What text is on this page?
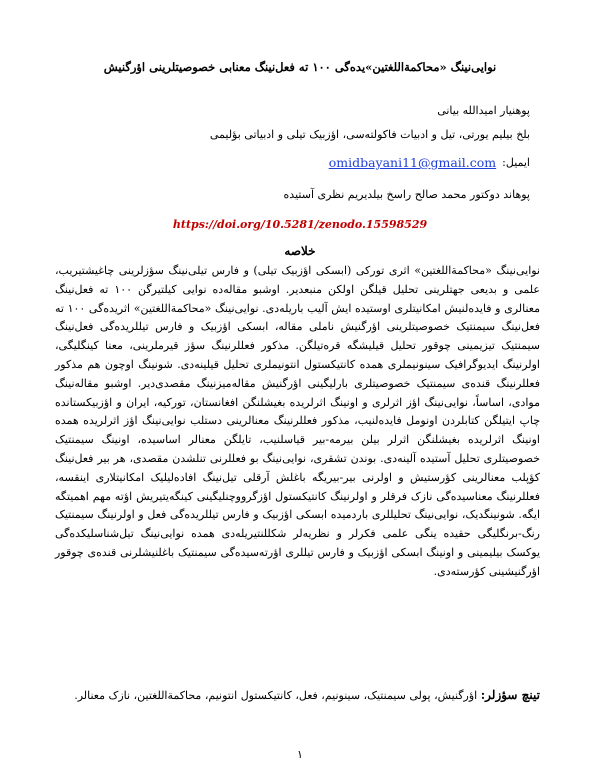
نوایی‌نینگ «محاکمةاللغتین»یده‌گی ۱۰۰ ته فعل‌نینگ معنابی خصوصیتلرینی اؤرگنیش
پوهنیار امیدالله بیانی
بلخ بیلیم یورتی، تیل و ادبیات فاکولته‌سی، اؤزبیک تیلی و ادبیاتی بؤلیمی
ایمیل:
omidbayani11@gmail.com
پوهاند دوکتور محمد صالح راسخ بیلدیریم نظری آستیده
https://doi.org/10.5281/zenodo.15598529
خلاصه

نوایی‌نینگ «محاکمةاللغتین» اثری تورکی (ابسکی اؤزبیک تیلی) و فارس تیلی‌نینگ سؤزلرینی چاغیشتیریب، علمی و بدیعی جهتلرینی تحلیل قیلگن اولکن منبعدیر. اوشبو مقاله‌ده نوایی کیلتیرگن ۱۰۰ ته فعل‌نینگ معنالری و فایده‌لنیش امکانیتلری اوستیده ایش آلیب باریله‌دی. نوایی‌نینگ «محاکمةاللغتین» اثریده‌گی ۱۰۰ ته فعل‌نینگ سیمنتیک خصوصیتلرینی اؤرگنیش ناملی مقاله، ابسکی اؤزبیک و فارس تیللریده‌گی فعل‌نینگ سیمنتیک تیزیمینی چوقور تحلیل قیلیشگه قره‌تیلگن. مذکور فعللرنینگ سؤز قیرملرینی، معنا کینگلیگی، اولرنینگ ایدیوگرافیک سینونیملری همده کانتیکستول انتونیملری تحلیل قیلینه‌دی. شونینگ اوچون هم مذکور فعللرنینگ قنده‌ی سیمنتیک خصوصیتلری بارلیگینی اؤرگنیش مقاله‌میزنینگ مقصدی‌دیر. اوشبو مقاله‌نینگ موادی، اساساً، نوایی‌نینگ اؤز اثرلری و اونینگ اثرلریده بغیشلنگن افغانستان، تورکیه، ایران و اؤزبیکستانده چاپ ایتیلگن کتابلردن اونومل فایده‌لنیب، مذکور فعللرنینگ معنالرینی دستلب نوایی‌نینگ اؤز اثرلریده همده اونینگ اثرلریده بغیشلنگن اثرلر بیلن بیرمه-بیر قیاسلنیب، تایلگن معنالر اساسیده، اونینگ سیمنتیک خصوصیتلری تحلیل آستیده آلینه‌دی. بوندن تشقری، نوایی‌نینگ بو فعللرنی تنلشدن مقصدی، هر بیر فعل‌نینگ کؤپلب معنالرینی کؤرستیش و اولرنی بیر-بیریگه باغلش آرقلی تیل‌نینگ افاده‌لیلیک امکانیتلاری اینقسه، فعللرنینگ معناسیده‌گی نازک فرقلر و اولرنینگ کانتیکستول اؤزگرووچنلیگینی کینگه‌یتیریش اؤته مهم اهمیتگه ایگه. شونینگدیک، نوایی‌نینگ تحلیللری باردمیده ابسکی اؤزبیک و فارس تیللریده‌گی فعل و اولرنینگ سیمنتیک رنگ-برنگلیگی حقیده ینگی علمی فکرلر و نظریه‌لر شکللنتیریله‌دی همده نوایی‌نینگ تیل‌شناسلیکده‌گی یوکسک بیلیمینی و اونینگ ابسکی اؤزبیک و فارس تیللری اؤرته‌سیده‌گی سیمنتیک باغلنیشلرنی قنده‌ی چوقور اؤرگنیشینی کؤرسته‌دی.

تینچ سؤزلر: اؤرگنیش، پولی سیمنتیک، سینونیم، فعل، کانتیکستول انتونیم، محاکمةاللغتین، نازک معنالر.
١
